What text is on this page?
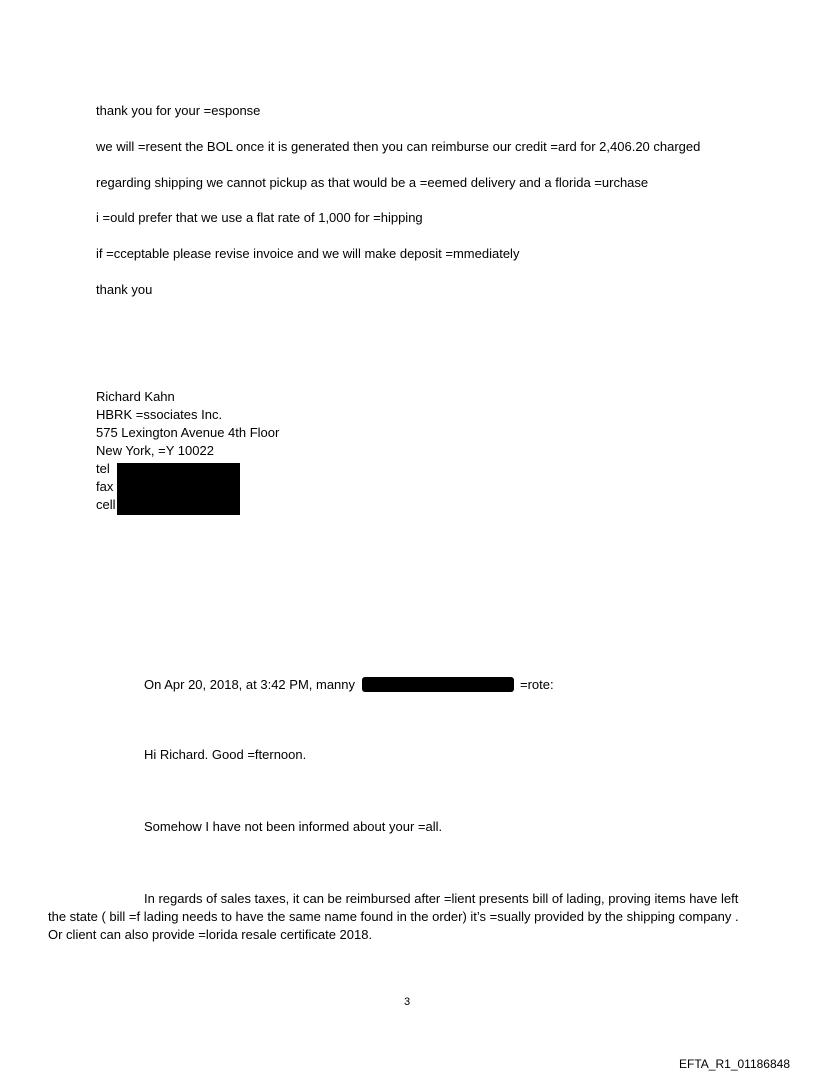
thank you for your =esponse
we will =resent the BOL once it is generated then you can reimburse our credit =ard for 2,406.20 charged
regarding shipping we cannot pickup as that would be a =eemed delivery and a florida =urchase
i =ould prefer that we use a flat rate of 1,000 for =hipping
if =cceptable please revise invoice and we will make deposit =mmediately
thank you
Richard Kahn
HBRK =ssociates Inc.
575 Lexington Avenue 4th Floor
New York, =Y 10022
tel
fax
cell
On Apr 20, 2018, at 3:42 PM, manny	=rote:
Hi Richard. Good =fternoon.
Somehow I have not been informed about your =all.
In regards of sales taxes, it can be reimbursed after =lient presents bill of lading, proving items have left
the state ( bill =f lading needs to have the same name found in the order) it’s =sually provided by the shipping company .
Or client can also provide =lorida resale certificate 2018.
3
EFTA_R1_01186848
